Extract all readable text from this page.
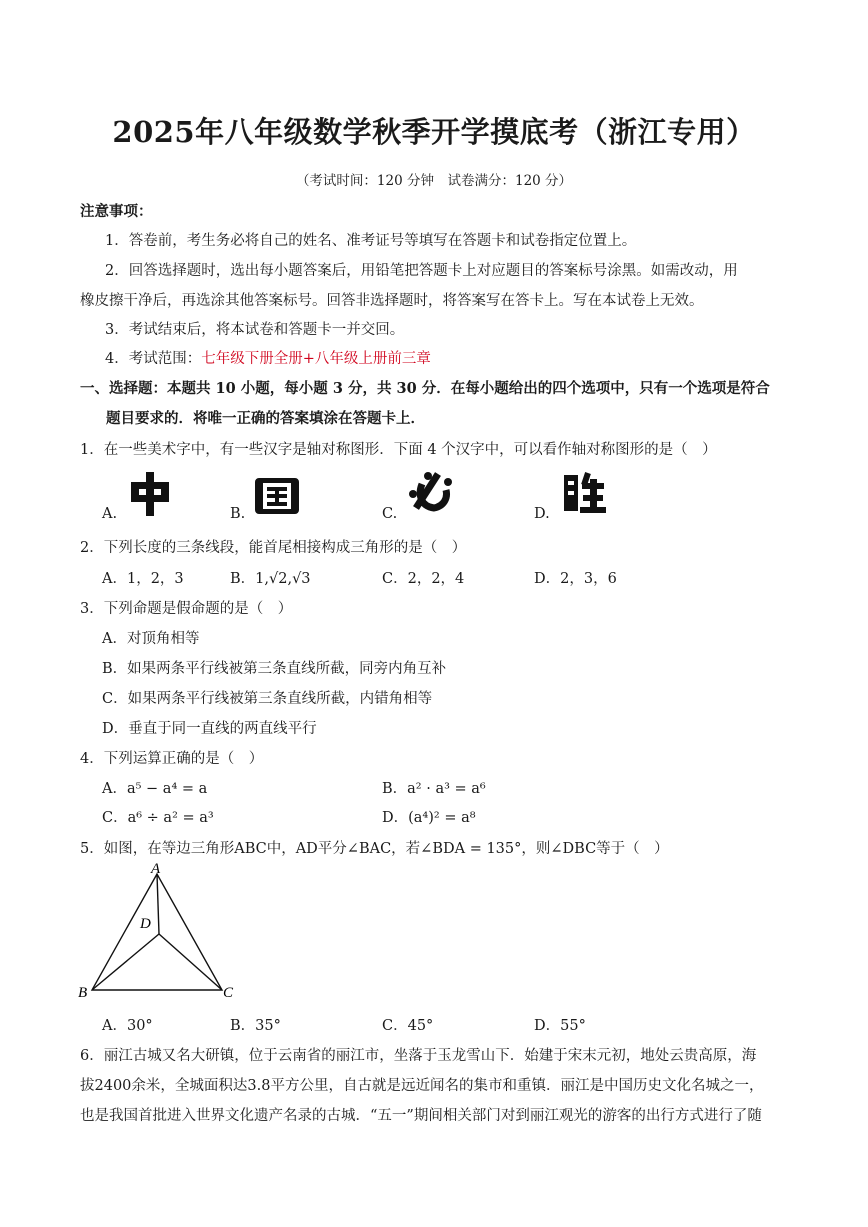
2025年八年级数学秋季开学摸底考（浙江专用）
（考试时间：120 分钟　试卷满分：120 分）
注意事项：
1．答卷前，考生务必将自己的姓名、准考证号等填写在答题卡和试卷指定位置上。
2．回答选择题时，选出每小题答案后，用铅笔把答题卡上对应题目的答案标号涂黑。如需改动，用
橡皮擦干净后，再选涂其他答案标号。回答非选择题时，将答案写在答卡上。写在本试卷上无效。
3．考试结束后，将本试卷和答题卡一并交回。
4．考试范围：七年级下册全册+八年级上册前三章
一、选择题：本题共 10 小题，每小题 3 分，共 30 分．在每小题给出的四个选项中，只有一个选项是符合
题目要求的．将唯一正确的答案填涂在答题卡上．
1．在一些美术字中，有一些汉字是轴对称图形．下面 4 个汉字中，可以看作轴对称图形的是（　）
A.	B.	C.	D.
2．下列长度的三条线段，能首尾相接构成三角形的是（　）
A．1，2，3	B．1,√2,√3	C．2，2，4	D．2，3，6
3．下列命题是假命题的是（　）
A．对顶角相等
B．如果两条平行线被第三条直线所截，同旁内角互补
C．如果两条平行线被第三条直线所截，内错角相等
D．垂直于同一直线的两直线平行
4．下列运算正确的是（　）
A．a⁵ − a⁴ = a	B．a² · a³ = a⁶
C．a⁶ ÷ a² = a³	D．(a⁴)² = a⁸
5．如图，在等边三角形ABC中，AD平分∠BAC，若∠BDA = 135°，则∠DBC等于（　）
A
D
B	C
A．30°	B．35°	C．45°	D．55°
6．丽江古城又名大研镇，位于云南省的丽江市，坐落于玉龙雪山下．始建于宋末元初，地处云贵高原，海
拔2400余米，全城面积达3.8平方公里，自古就是远近闻名的集市和重镇．丽江是中国历史文化名城之一，
也是我国首批进入世界文化遗产名录的古城．“五一”期间相关部门对到丽江观光的游客的出行方式进行了随
